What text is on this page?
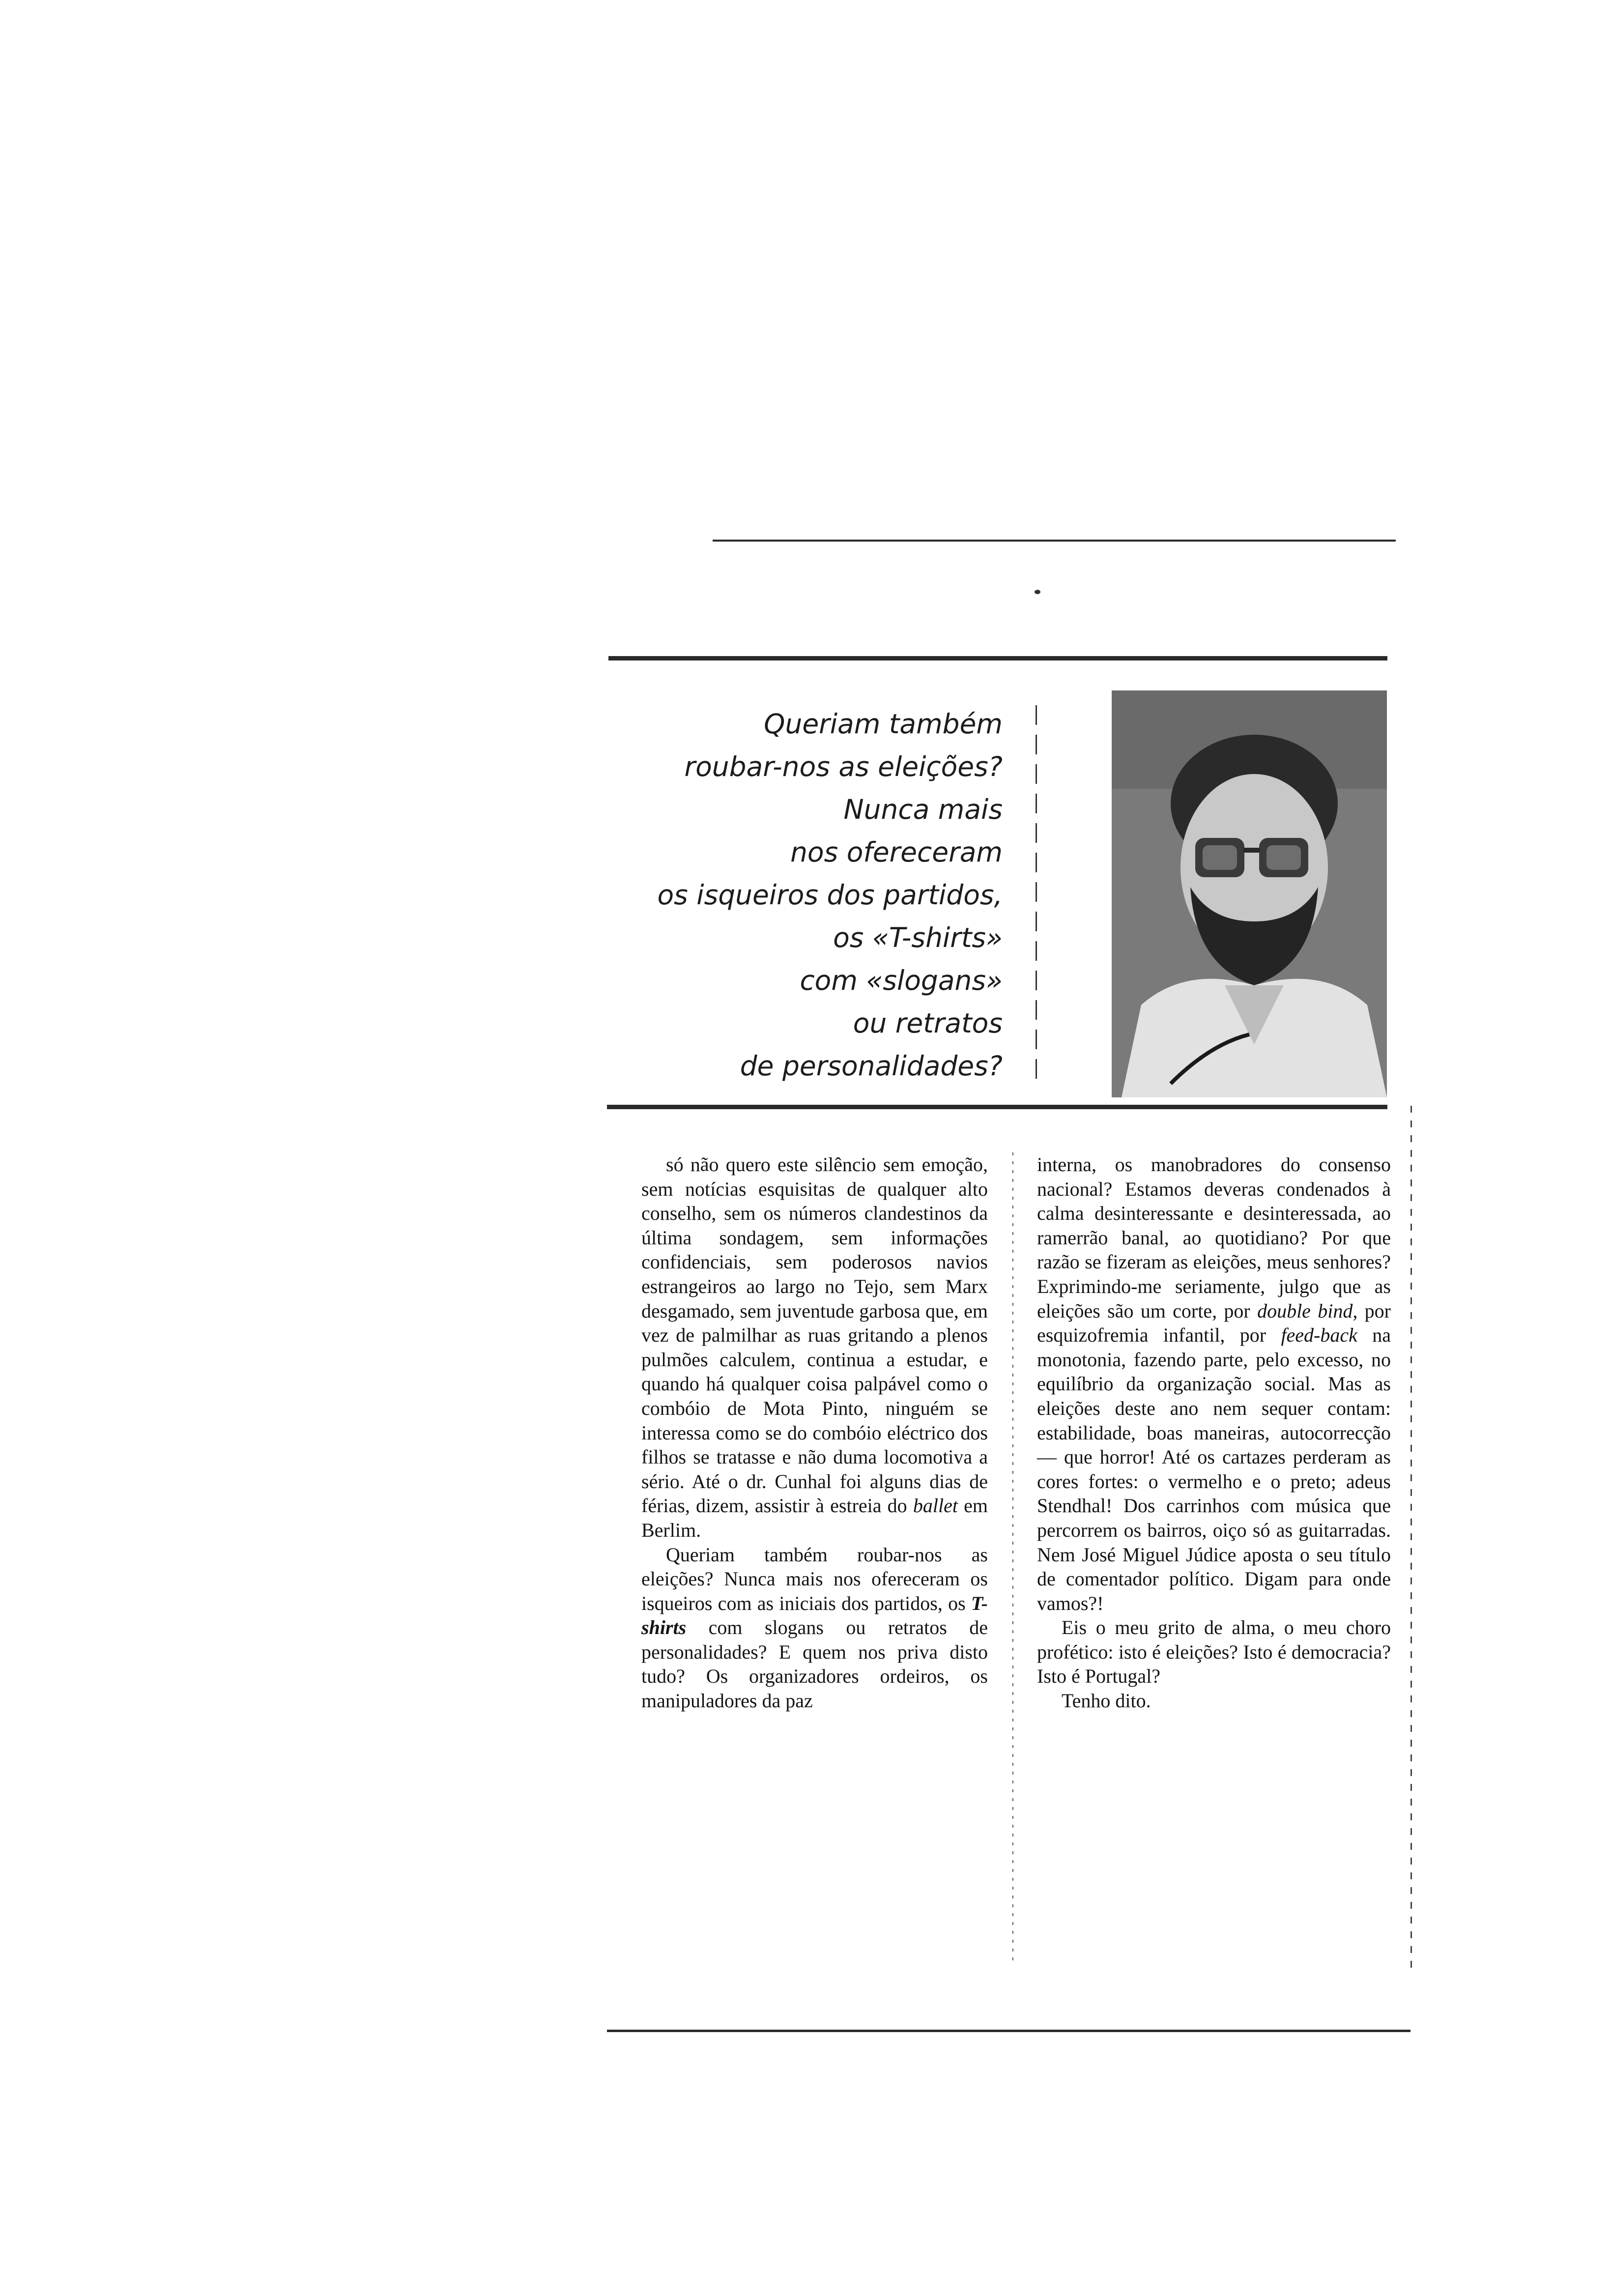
Queriam também
roubar-nos as eleições?
Nunca mais
nos ofereceram
os isqueiros dos partidos,
os «T-shirts»
com «slogans»
ou retratos
de personalidades?

só não quero este silêncio sem emoção, sem notícias esquisitas de qualquer alto conselho, sem os números clandestinos da última sondagem, sem informações confidenciais, sem poderosos navios estrangeiros ao largo no Tejo, sem Marx desgamado, sem juventude garbosa que, em vez de palmilhar as ruas gritando a plenos pulmões calculem, continua a estudar, e quando há qualquer coisa palpável como o combóio de Mota Pinto, ninguém se interessa como se do combóio eléctrico dos filhos se tratasse e não duma locomotiva a sério. Até o dr. Cunhal foi alguns dias de férias, dizem, assistir à estreia do ballet em Berlim.

Queriam também roubar-nos as eleições? Nunca mais nos ofereceram os isqueiros com as iniciais dos partidos, os T-shirts com slogans ou retratos de personalidades? E quem nos priva disto tudo? Os organizadores ordeiros, os manipuladores da paz

interna, os manobradores do consenso nacional? Estamos deveras condenados à calma desinteressante e desinteressada, ao ramerrão banal, ao quotidiano? Por que razão se fizeram as eleições, meus senhores? Exprimindo-me seriamente, julgo que as eleições são um corte, por double bind, por esquizofremia infantil, por feed-back na monotonia, fazendo parte, pelo excesso, no equilíbrio da organização social. Mas as eleições deste ano nem sequer contam: estabilidade, boas maneiras, autocorrecção — que horror! Até os cartazes perderam as cores fortes: o vermelho e o preto; adeus Stendhal! Dos carrinhos com música que percorrem os bairros, oiço só as guitarradas. Nem José Miguel Júdice aposta o seu título de comentador político. Digam para onde vamos?!

Eis o meu grito de alma, o meu choro profético: isto é eleições? Isto é democracia? Isto é Portugal?

Tenho dito.
